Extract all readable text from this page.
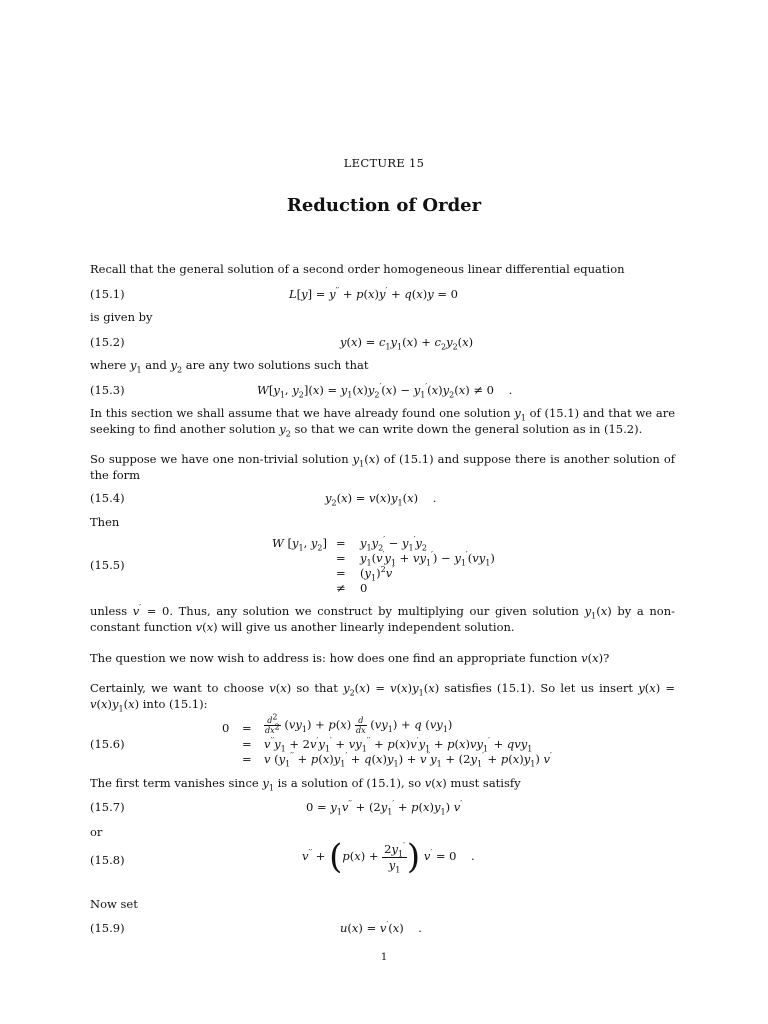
LECTURE 15
Reduction of Order
Recall that the general solution of a second order homogeneous linear differential equation
(15.1)	L[y] = y′′ + p(x)y′ + q(x)y = 0
is given by
(15.2)	$y(x) = c_1y_1(x) + c_2y_2(x)$
where $y_1$ and $y_2$ are any two solutions such that
(15.3)	$W[y_1$, $y_2](x) = y_1(x)y_2'(x) - y_1'(x)y_2(x) \ne 0$    .
In this section we shall assume that we have already found one solution $y_1$ of (15.1) and that we are seeking to find another solution $y_2$ so that we can write down the general solution as in (15.2).
So suppose we have one non-trivial solution $y_1(x)$ of (15.1) and suppose there is another solution of the form
(15.4)	$y_2(x) = v(x)y_1(x)$    .
Then
(15.5)
W [$y_1$, $y_2] = y_1y_2' - y_1'y_2$
= $y_1(v'y_1 + vy_1') - y_1'(vy_1)$
= $(y_1)^2v'$
≠ 0
unless v′ = 0. Thus, any solution we construct by multiplying our given solution $y_1(x)$ by a non-constant function v(x) will give us another linearly independent solution.
The question we now wish to address is: how does one find an appropriate function v(x)?
Certainly, we want to choose v(x) so that $y_2(x) = v(x)y_1(x)$ satisfies (15.1). So let us insert $y(x) = v(x)y_1(x)$ into (15.1):
(15.6)
$0 = \frac{d2}{dx2} (vy_1) + p(x) \frac{d}{dx} (vy_1) + q$ $(vy_1)$
= $v''y_1 + 2v'y_1' + vy_1'' + p(x)v'y_1 + p(x)vy_1' + qvy_1$
= v $(y_1'' + p(x)y_1' + q(x)y_1) + v''y_1 + (2y_1' + p(x)y_1)$ v′
The first term vanishes since $y_1$ is a solution of (15.1), so v(x) must satisfy
(15.7)	$0 = y_1v'' + (2y_1' + p(x)y_1)$ v′
or
(15.8)	$v'' + (p(x) + \frac{2y_1'}{y_1}$ ) v′ = 0    .
Now set
(15.9)	u(x) = v′(x)    .
1
